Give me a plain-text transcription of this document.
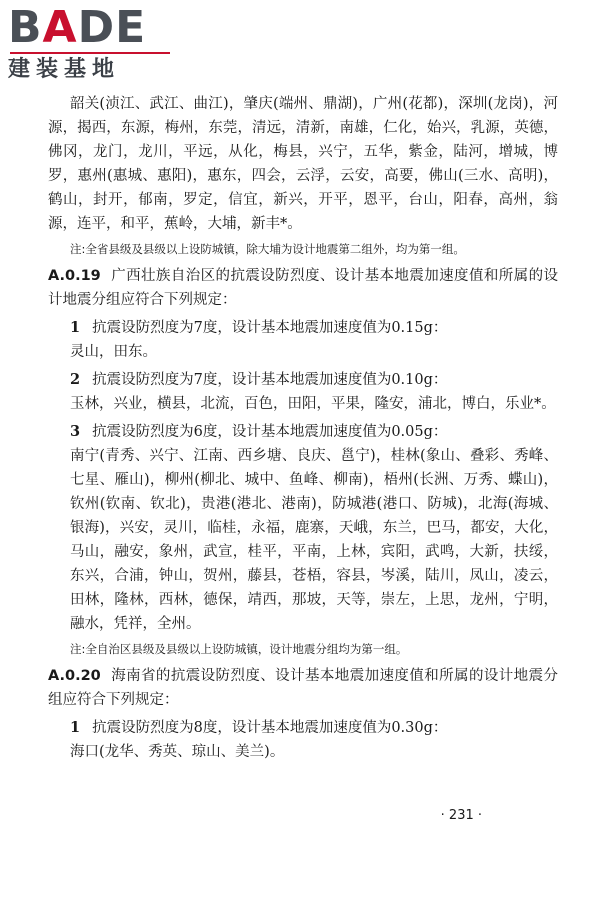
BADE
建装基地

韶关(浈江、武江、曲江)，肇庆(端州、鼎湖)，广州(花都)，深圳(龙岗)，河源，揭西，东源，梅州，东莞，清远，清新，南雄，仁化，始兴，乳源，英德，佛冈，龙门，龙川，平远，从化，梅县，兴宁，五华，紫金，陆河，增城，博罗，惠州(惠城、惠阳)，惠东，四会，云浮，云安，高要，佛山(三水、高明)，鹤山，封开，郁南，罗定，信宜，新兴，开平，恩平，台山，阳春，高州，翁源，连平，和平，蕉岭，大埔，新丰*。

注:全省县级及县级以上设防城镇，除大埔为设计地震第二组外，均为第一组。

A.0.19 广西壮族自治区的抗震设防烈度、设计基本地震加速度值和所属的设计地震分组应符合下列规定：

1 抗震设防烈度为7度，设计基本地震加速度值为0.15g：

灵山，田东。

2 抗震设防烈度为7度，设计基本地震加速度值为0.10g：

玉林，兴业，横县，北流，百色，田阳，平果，隆安，浦北，博白，乐业*。

3 抗震设防烈度为6度，设计基本地震加速度值为0.05g：

南宁(青秀、兴宁、江南、西乡塘、良庆、邕宁)，桂林(象山、叠彩、秀峰、七星、雁山)，柳州(柳北、城中、鱼峰、柳南)，梧州(长洲、万秀、蝶山)，钦州(钦南、钦北)，贵港(港北、港南)，防城港(港口、防城)，北海(海城、银海)，兴安，灵川，临桂，永福，鹿寨，天峨，东兰，巴马，都安，大化，马山，融安，象州，武宣，桂平，平南，上林，宾阳，武鸣，大新，扶绥，东兴，合浦，钟山，贺州，藤县，苍梧，容县，岑溪，陆川，凤山，凌云，田林，隆林，西林，德保，靖西，那坡，天等，崇左，上思，龙州，宁明，融水，凭祥，全州。

注:全自治区县级及县级以上设防城镇，设计地震分组均为第一组。

A.0.20 海南省的抗震设防烈度、设计基本地震加速度值和所属的设计地震分组应符合下列规定：

1 抗震设防烈度为8度，设计基本地震加速度值为0.30g：

海口(龙华、秀英、琼山、美兰)。

· 231 ·
